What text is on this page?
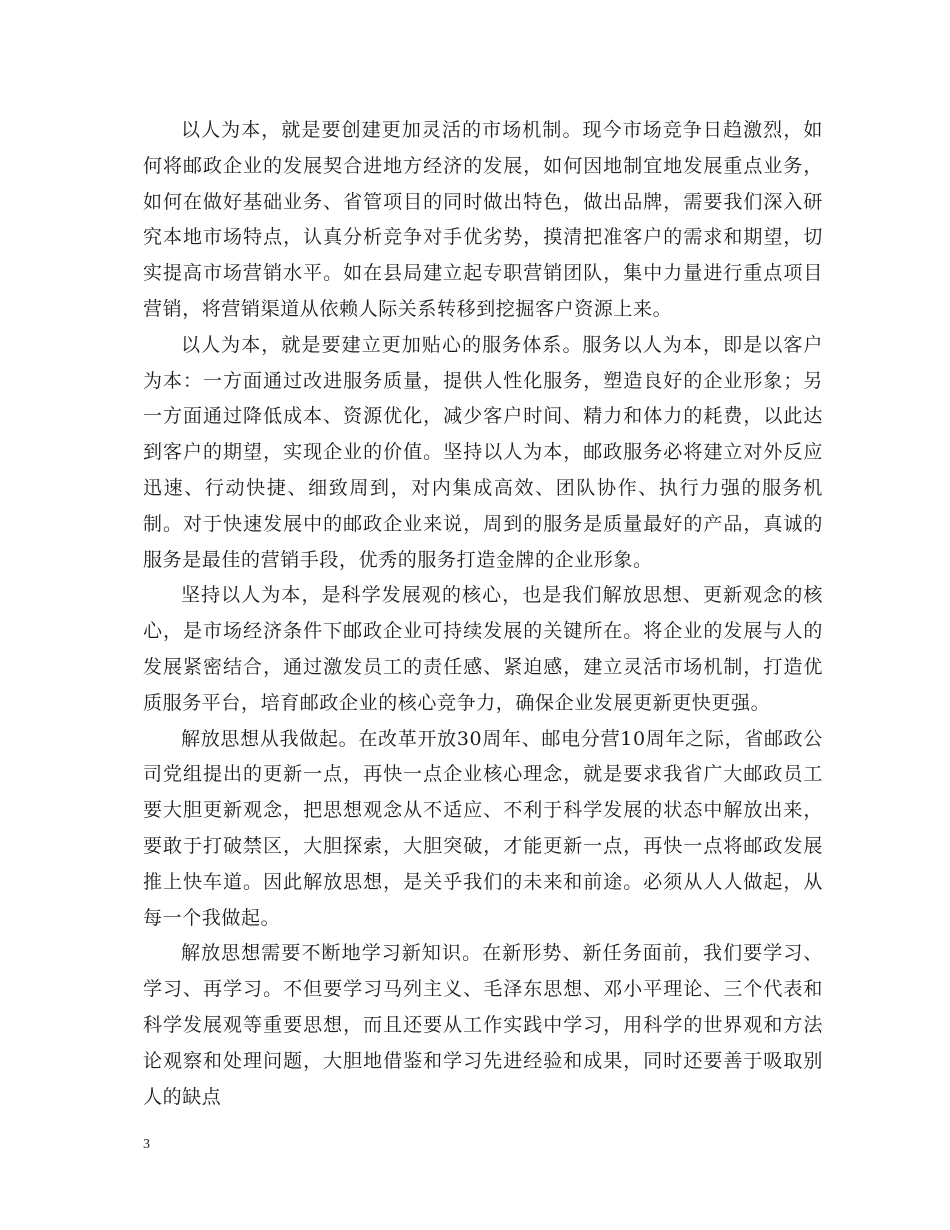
以人为本，就是要创建更加灵活的市场机制。现今市场竞争日趋激烈，如何将邮政企业的发展契合进地方经济的发展，如何因地制宜地发展重点业务，如何在做好基础业务、省管项目的同时做出特色，做出品牌，需要我们深入研究本地市场特点，认真分析竞争对手优劣势，摸清把准客户的需求和期望，切实提高市场营销水平。如在县局建立起专职营销团队，集中力量进行重点项目营销，将营销渠道从依赖人际关系转移到挖掘客户资源上来。

以人为本，就是要建立更加贴心的服务体系。服务以人为本，即是以客户为本：一方面通过改进服务质量，提供人性化服务，塑造良好的企业形象；另一方面通过降低成本、资源优化，减少客户时间、精力和体力的耗费，以此达到客户的期望，实现企业的价值。坚持以人为本，邮政服务必将建立对外反应迅速、行动快捷、细致周到，对内集成高效、团队协作、执行力强的服务机制。对于快速发展中的邮政企业来说，周到的服务是质量最好的产品，真诚的服务是最佳的营销手段，优秀的服务打造金牌的企业形象。

坚持以人为本，是科学发展观的核心，也是我们解放思想、更新观念的核心，是市场经济条件下邮政企业可持续发展的关键所在。将企业的发展与人的发展紧密结合，通过激发员工的责任感、紧迫感，建立灵活市场机制，打造优质服务平台，培育邮政企业的核心竞争力，确保企业发展更新更快更强。

解放思想从我做起。在改革开放30周年、邮电分营10周年之际，省邮政公司党组提出的更新一点，再快一点企业核心理念，就是要求我省广大邮政员工要大胆更新观念，把思想观念从不适应、不利于科学发展的状态中解放出来，要敢于打破禁区，大胆探索，大胆突破，才能更新一点，再快一点将邮政发展推上快车道。因此解放思想，是关乎我们的未来和前途。必须从人人做起，从每一个我做起。

解放思想需要不断地学习新知识。在新形势、新任务面前，我们要学习、学习、再学习。不但要学习马列主义、毛泽东思想、邓小平理论、三个代表和科学发展观等重要思想，而且还要从工作实践中学习，用科学的世界观和方法论观察和处理问题，大胆地借鉴和学习先进经验和成果，同时还要善于吸取别人的缺点

3
